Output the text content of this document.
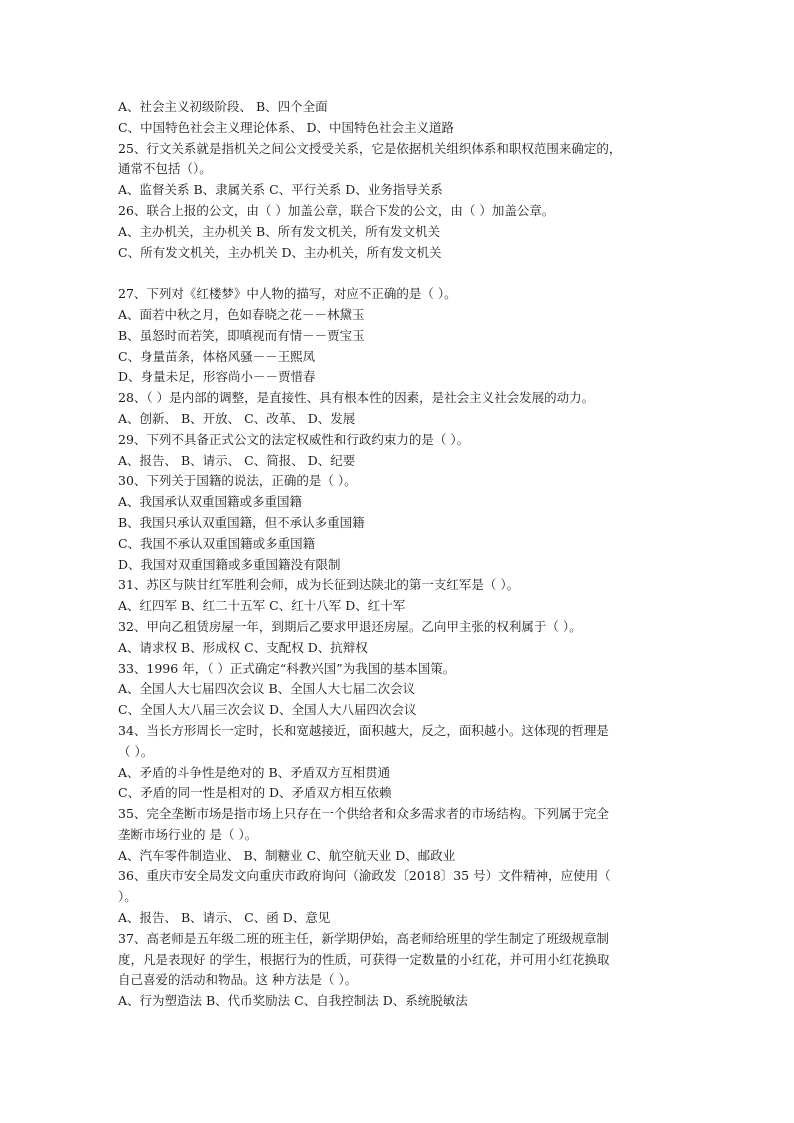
A、社会主义初级阶段、 B、四个全面
C、中国特色社会主义理论体系、 D、中国特色社会主义道路
25、行文关系就是指机关之间公文授受关系，它是依据机关组织体系和职权范围来确定的，
通常不包括（）。
A、监督关系 B、隶属关系 C、平行关系 D、业务指导关系
26、联合上报的公文，由（ ）加盖公章，联合下发的公文，由（ ）加盖公章。
A、主办机关，主办机关 B、所有发文机关，所有发文机关
C、所有发文机关，主办机关 D、主办机关，所有发文机关
27、下列对《红楼梦》中人物的描写，对应不正确的是（ ）。
A、面若中秋之月，色如春晓之花－－林黛玉
B、虽怒时而若笑，即嗔视而有情－－贾宝玉
C、身量苗条，体格风骚－－王熙凤
D、身量未足，形容尚小－－贾惜春
28、（ ）是内部的调整，是直接性、具有根本性的因素，是社会主义社会发展的动力。
A、创新、 B、开放、 C、改革、 D、发展
29、下列不具备正式公文的法定权威性和行政约束力的是（ ）。
A、报告、 B、请示、 C、简报、 D、纪要
30、下列关于国籍的说法，正确的是（ ）。
A、我国承认双重国籍或多重国籍
B、我国只承认双重国籍，但不承认多重国籍
C、我国不承认双重国籍或多重国籍
D、我国对双重国籍或多重国籍没有限制
31、苏区与陕甘红军胜利会师，成为长征到达陕北的第一支红军是（ ）。
A、红四军 B、红二十五军 C、红十八军 D、红十军
32、甲向乙租赁房屋一年，到期后乙要求甲退还房屋。乙向甲主张的权利属于（ ）。
A、请求权 B、形成权 C、支配权 D、抗辩权
33、1996 年，（ ）正式确定“科教兴国”为我国的基本国策。
A、全国人大七届四次会议 B、全国人大七届二次会议
C、全国人大八届三次会议 D、全国人大八届四次会议
34、当长方形周长一定时，长和宽越接近，面积越大，反之，面积越小。这体现的哲理是
（ ）。
A、矛盾的斗争性是绝对的 B、矛盾双方互相贯通
C、矛盾的同一性是相对的 D、矛盾双方相互依赖
35、完全垄断市场是指市场上只存在一个供给者和众多需求者的市场结构。下列属于完全
垄断市场行业的 是（ ）。
A、汽车零件制造业、 B、制糖业 C、航空航天业 D、邮政业
36、重庆市安全局发文向重庆市政府询问（渝政发〔2018〕35 号）文件精神，应使用（
）。
A、报告、 B、请示、 C、函 D、意见
37、高老师是五年级二班的班主任，新学期伊始，高老师给班里的学生制定了班级规章制
度，凡是表现好 的学生，根据行为的性质，可获得一定数量的小红花，并可用小红花换取
自己喜爱的活动和物品。这 种方法是（ ）。
A、行为塑造法 B、代币奖励法 C、自我控制法 D、系统脱敏法
